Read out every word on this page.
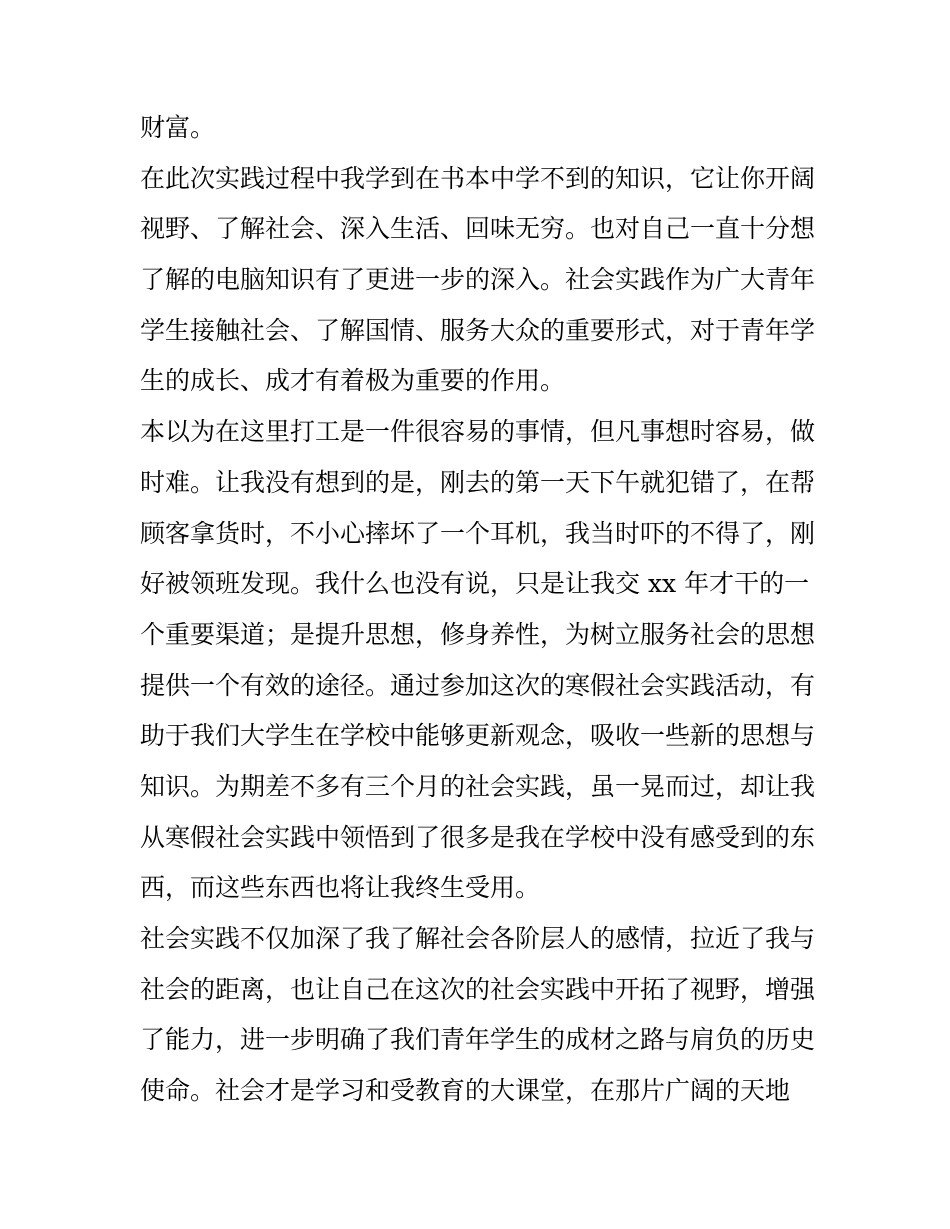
财富。
在此次实践过程中我学到在书本中学不到的知识，它让你开阔
视野、了解社会、深入生活、回味无穷。也对自己一直十分想
了解的电脑知识有了更进一步的深入。社会实践作为广大青年
学生接触社会、了解国情、服务大众的重要形式，对于青年学
生的成长、成才有着极为重要的作用。
本以为在这里打工是一件很容易的事情，但凡事想时容易，做
时难。让我没有想到的是，刚去的第一天下午就犯错了，在帮
顾客拿货时，不小心摔坏了一个耳机，我当时吓的不得了，刚
好被领班发现。我什么也没有说，只是让我交 xx 年才干的一
个重要渠道；是提升思想，修身养性，为树立服务社会的思想
提供一个有效的途径。通过参加这次的寒假社会实践活动，有
助于我们大学生在学校中能够更新观念，吸收一些新的思想与
知识。为期差不多有三个月的社会实践，虽一晃而过，却让我
从寒假社会实践中领悟到了很多是我在学校中没有感受到的东
西，而这些东西也将让我终生受用。
社会实践不仅加深了我了解社会各阶层人的感情，拉近了我与
社会的距离，也让自己在这次的社会实践中开拓了视野，增强
了能力，进一步明确了我们青年学生的成材之路与肩负的历史
使命。社会才是学习和受教育的大课堂，在那片广阔的天地
